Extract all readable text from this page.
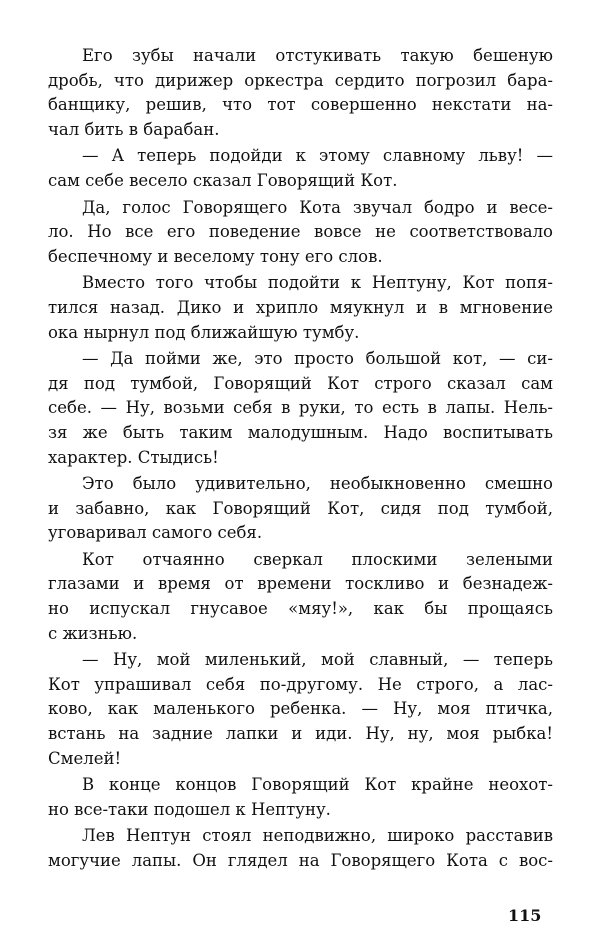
Его зубы начали отстукивать такую бешеную
дробь, что дирижер оркестра сердито погрозил бара-
банщику, решив, что тот совершенно некстати на-
чал бить в барабан.
— А теперь подойди к этому славному льву! —
сам себе весело сказал Говорящий Кот.
Да, голос Говорящего Кота звучал бодро и весе-
ло. Но все его поведение вовсе не соответствовало
беспечному и веселому тону его слов.
Вместо того чтобы подойти к Нептуну, Кот попя-
тился назад. Дико и хрипло мяукнул и в мгновение
ока нырнул под ближайшую тумбу.
— Да пойми же, это просто большой кот, — си-
дя под тумбой, Говорящий Кот строго сказал сам
себе. — Ну, возьми себя в руки, то есть в лапы. Нель-
зя же быть таким малодушным. Надо воспитывать
характер. Стыдись!
Это было удивительно, необыкновенно смешно
и забавно, как Говорящий Кот, сидя под тумбой,
уговаривал самого себя.
Кот отчаянно сверкал плоскими зелеными
глазами и время от времени тоскливо и безнадеж-
но испускал гнусавое «мяу!», как бы прощаясь
с жизнью.
— Ну, мой миленький, мой славный, — теперь
Кот упрашивал себя по-другому. Не строго, а лас-
ково, как маленького ребенка. — Ну, моя птичка,
встань на задние лапки и иди. Ну, ну, моя рыбка!
Смелей!
В конце концов Говорящий Кот крайне неохот-
но все-таки подошел к Нептуну.
Лев Нептун стоял неподвижно, широко расставив
могучие лапы. Он глядел на Говорящего Кота с вос-
115
